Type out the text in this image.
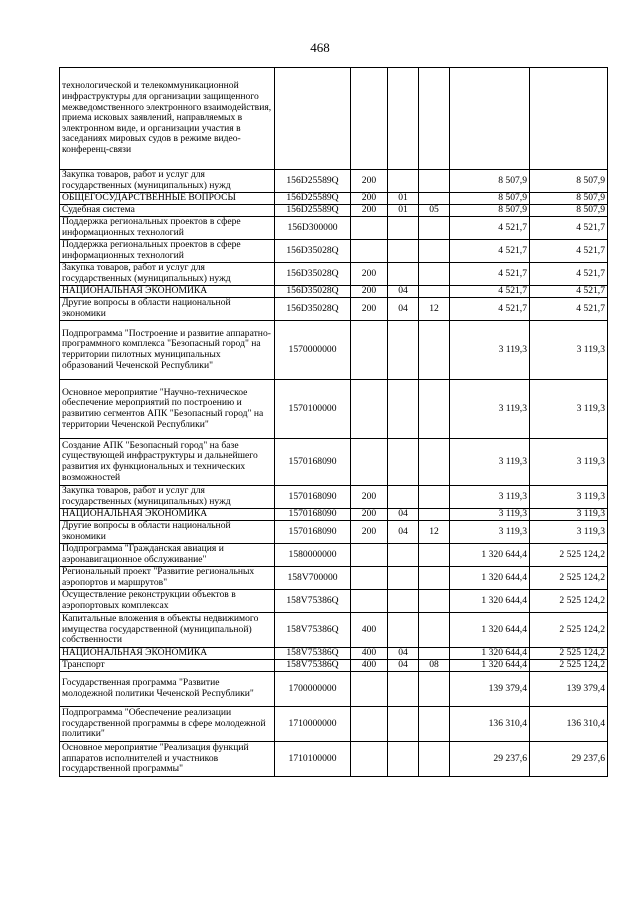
468
технологической и телекоммуникационной инфраструктуры для организации защищенного межведомственного электронного взаимодействия, приема исковых заявлений, направляемых в электронном виде, и организации участия в заседаниях мировых судов в режиме видео-конференц-связи						
Закупка товаров, работ и услуг для государственных (муниципальных) нужд	156D25589Q	200			8 507,9	8 507,9
ОБЩЕГОСУДАРСТВЕННЫЕ ВОПРОСЫ	156D25589Q	200	01		8 507,9	8 507,9
Судебная система	156D25589Q	200	01	05	8 507,9	8 507,9
Поддержка региональных проектов в сфере информационных технологий	156D300000				4 521,7	4 521,7
Поддержка региональных проектов в сфере информационных технологий	156D35028Q				4 521,7	4 521,7
Закупка товаров, работ и услуг для государственных (муниципальных) нужд	156D35028Q	200			4 521,7	4 521,7
НАЦИОНАЛЬНАЯ ЭКОНОМИКА	156D35028Q	200	04		4 521,7	4 521,7
Другие вопросы в области национальной экономики	156D35028Q	200	04	12	4 521,7	4 521,7
Подпрограмма "Построение и развитие аппаратно-программного комплекса "Безопасный город" на территории пилотных муниципальных образований Чеченской Республики"	1570000000				3 119,3	3 119,3
Основное мероприятие "Научно-техническое обеспечение мероприятий по построению и развитию сегментов АПК "Безопасный город" на территории Чеченской Республики"	1570100000				3 119,3	3 119,3
Создание АПК "Безопасный город" на базе существующей инфраструктуры и дальнейшего развития их функциональных и технических возможностей	1570168090				3 119,3	3 119,3
Закупка товаров, работ и услуг для государственных (муниципальных) нужд	1570168090	200			3 119,3	3 119,3
НАЦИОНАЛЬНАЯ ЭКОНОМИКА	1570168090	200	04		3 119,3	3 119,3
Другие вопросы в области национальной экономики	1570168090	200	04	12	3 119,3	3 119,3
Подпрограмма "Гражданская авиация и аэронавигационное обслуживание"	1580000000				1 320 644,4	2 525 124,2
Региональный проект "Развитие региональных аэропортов и маршрутов"	158V700000				1 320 644,4	2 525 124,2
Осуществление реконструкции объектов в аэропортовых комплексах	158V75386Q				1 320 644,4	2 525 124,2
Капитальные вложения в объекты недвижимого имущества государственной (муниципальной) собственности	158V75386Q	400			1 320 644,4	2 525 124,2
НАЦИОНАЛЬНАЯ ЭКОНОМИКА	158V75386Q	400	04		1 320 644,4	2 525 124,2
Транспорт	158V75386Q	400	04	08	1 320 644,4	2 525 124,2
Государственная программа "Развитие молодежной политики Чеченской Республики"	1700000000				139 379,4	139 379,4
Подпрограмма "Обеспечение реализации государственной программы в сфере молодежной политики"	1710000000				136 310,4	136 310,4
Основное мероприятие "Реализация функций аппаратов исполнителей и участников государственной программы"	1710100000				29 237,6	29 237,6
